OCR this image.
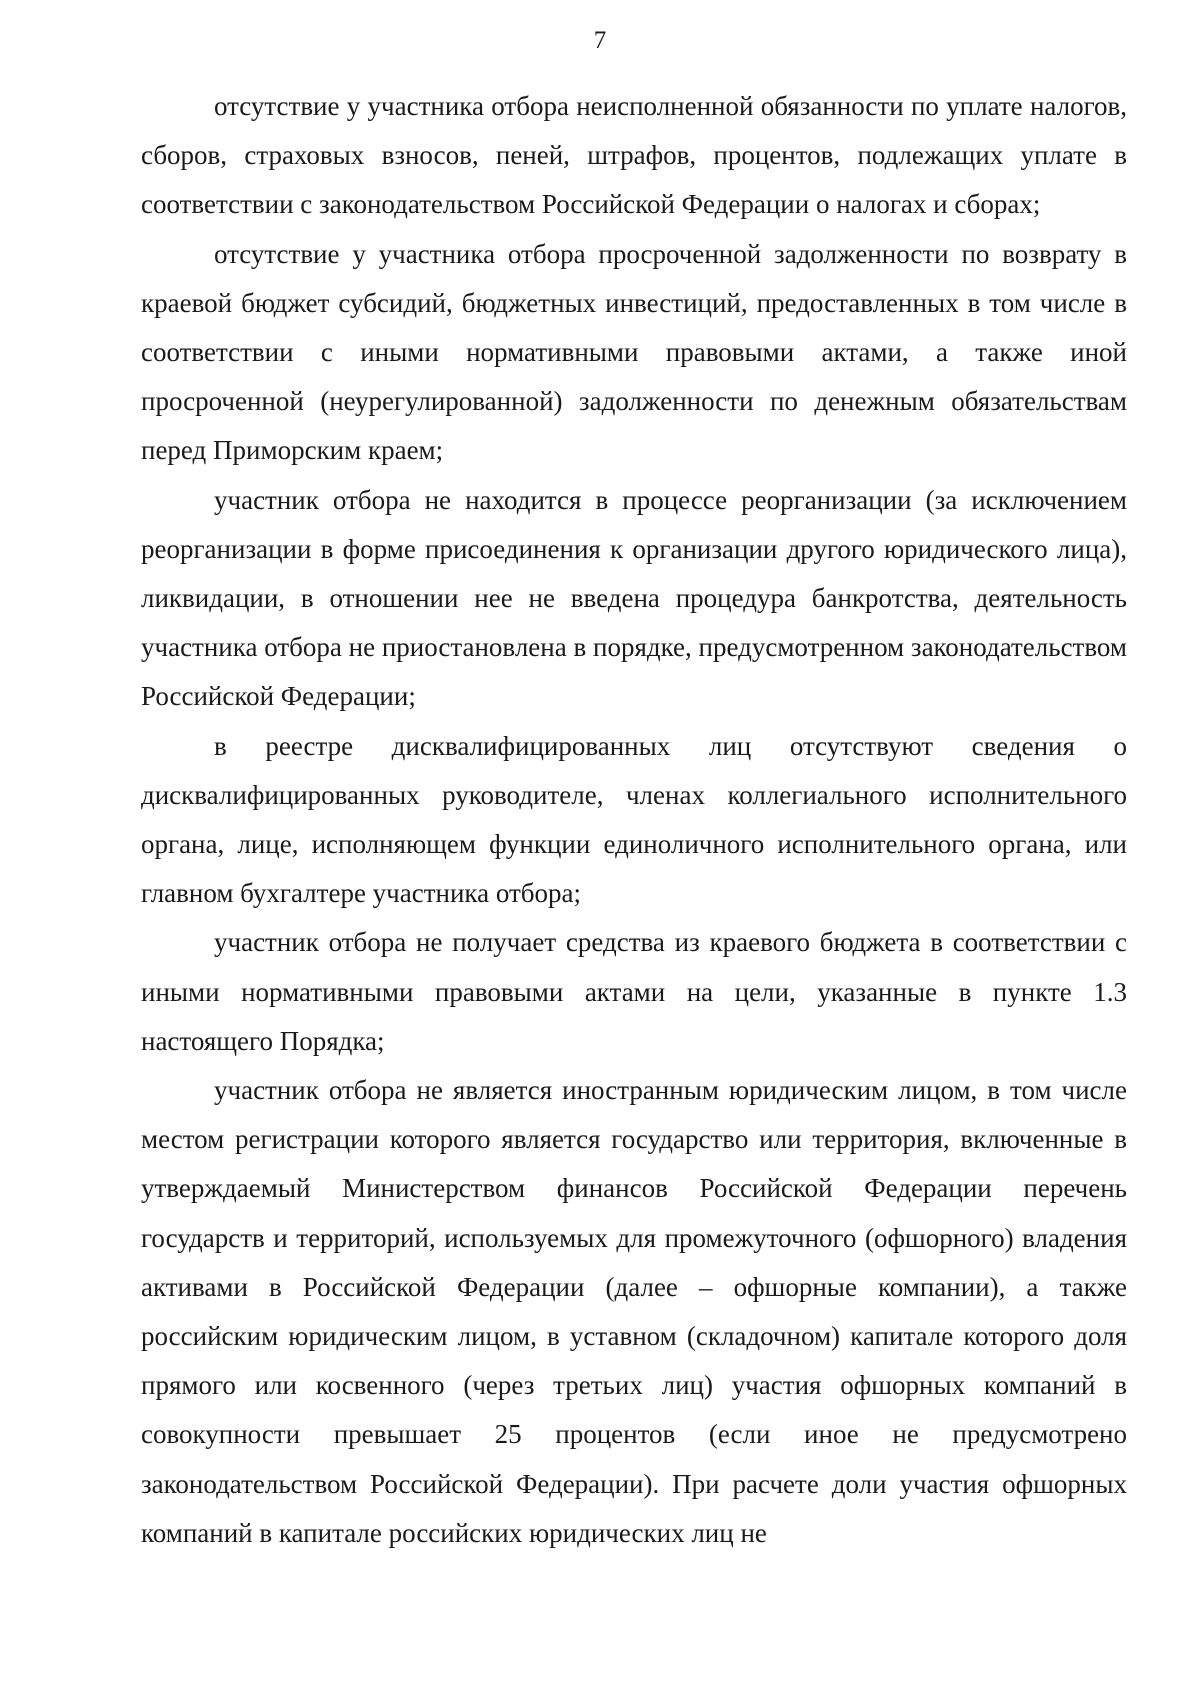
7

отсутствие у участника отбора неисполненной обязанности по уплате налогов, сборов, страховых взносов, пеней, штрафов, процентов, подлежащих уплате в соответствии с законодательством Российской Федерации о налогах и сборах;

отсутствие у участника отбора просроченной задолженности по возврату в краевой бюджет субсидий, бюджетных инвестиций, предоставленных в том числе в соответствии с иными нормативными правовыми актами, а также иной просроченной (неурегулированной) задолженности по денежным обязательствам перед Приморским краем;

участник отбора не находится в процессе реорганизации (за исключением реорганизации в форме присоединения к организации другого юридического лица), ликвидации, в отношении нее не введена процедура банкротства, деятельность участника отбора не приостановлена в порядке, предусмотренном законодательством Российской Федерации;

в реестре дисквалифицированных лиц отсутствуют сведения о дисквалифицированных руководителе, членах коллегиального исполнительного органа, лице, исполняющем функции единоличного исполнительного органа, или главном бухгалтере участника отбора;

участник отбора не получает средства из краевого бюджета в соответствии с иными нормативными правовыми актами на цели, указанные в пункте 1.3 настоящего Порядка;

участник отбора не является иностранным юридическим лицом, в том числе местом регистрации которого является государство или территория, включенные в утверждаемый Министерством финансов Российской Федерации перечень государств и территорий, используемых для промежуточного (офшорного) владения активами в Российской Федерации (далее – офшорные компании), а также российским юридическим лицом, в уставном (складочном) капитале которого доля прямого или косвенного (через третьих лиц) участия офшорных компаний в совокупности превышает 25 процентов (если иное не предусмотрено законодательством Российской Федерации). При расчете доли участия офшорных компаний в капитале российских юридических лиц не
